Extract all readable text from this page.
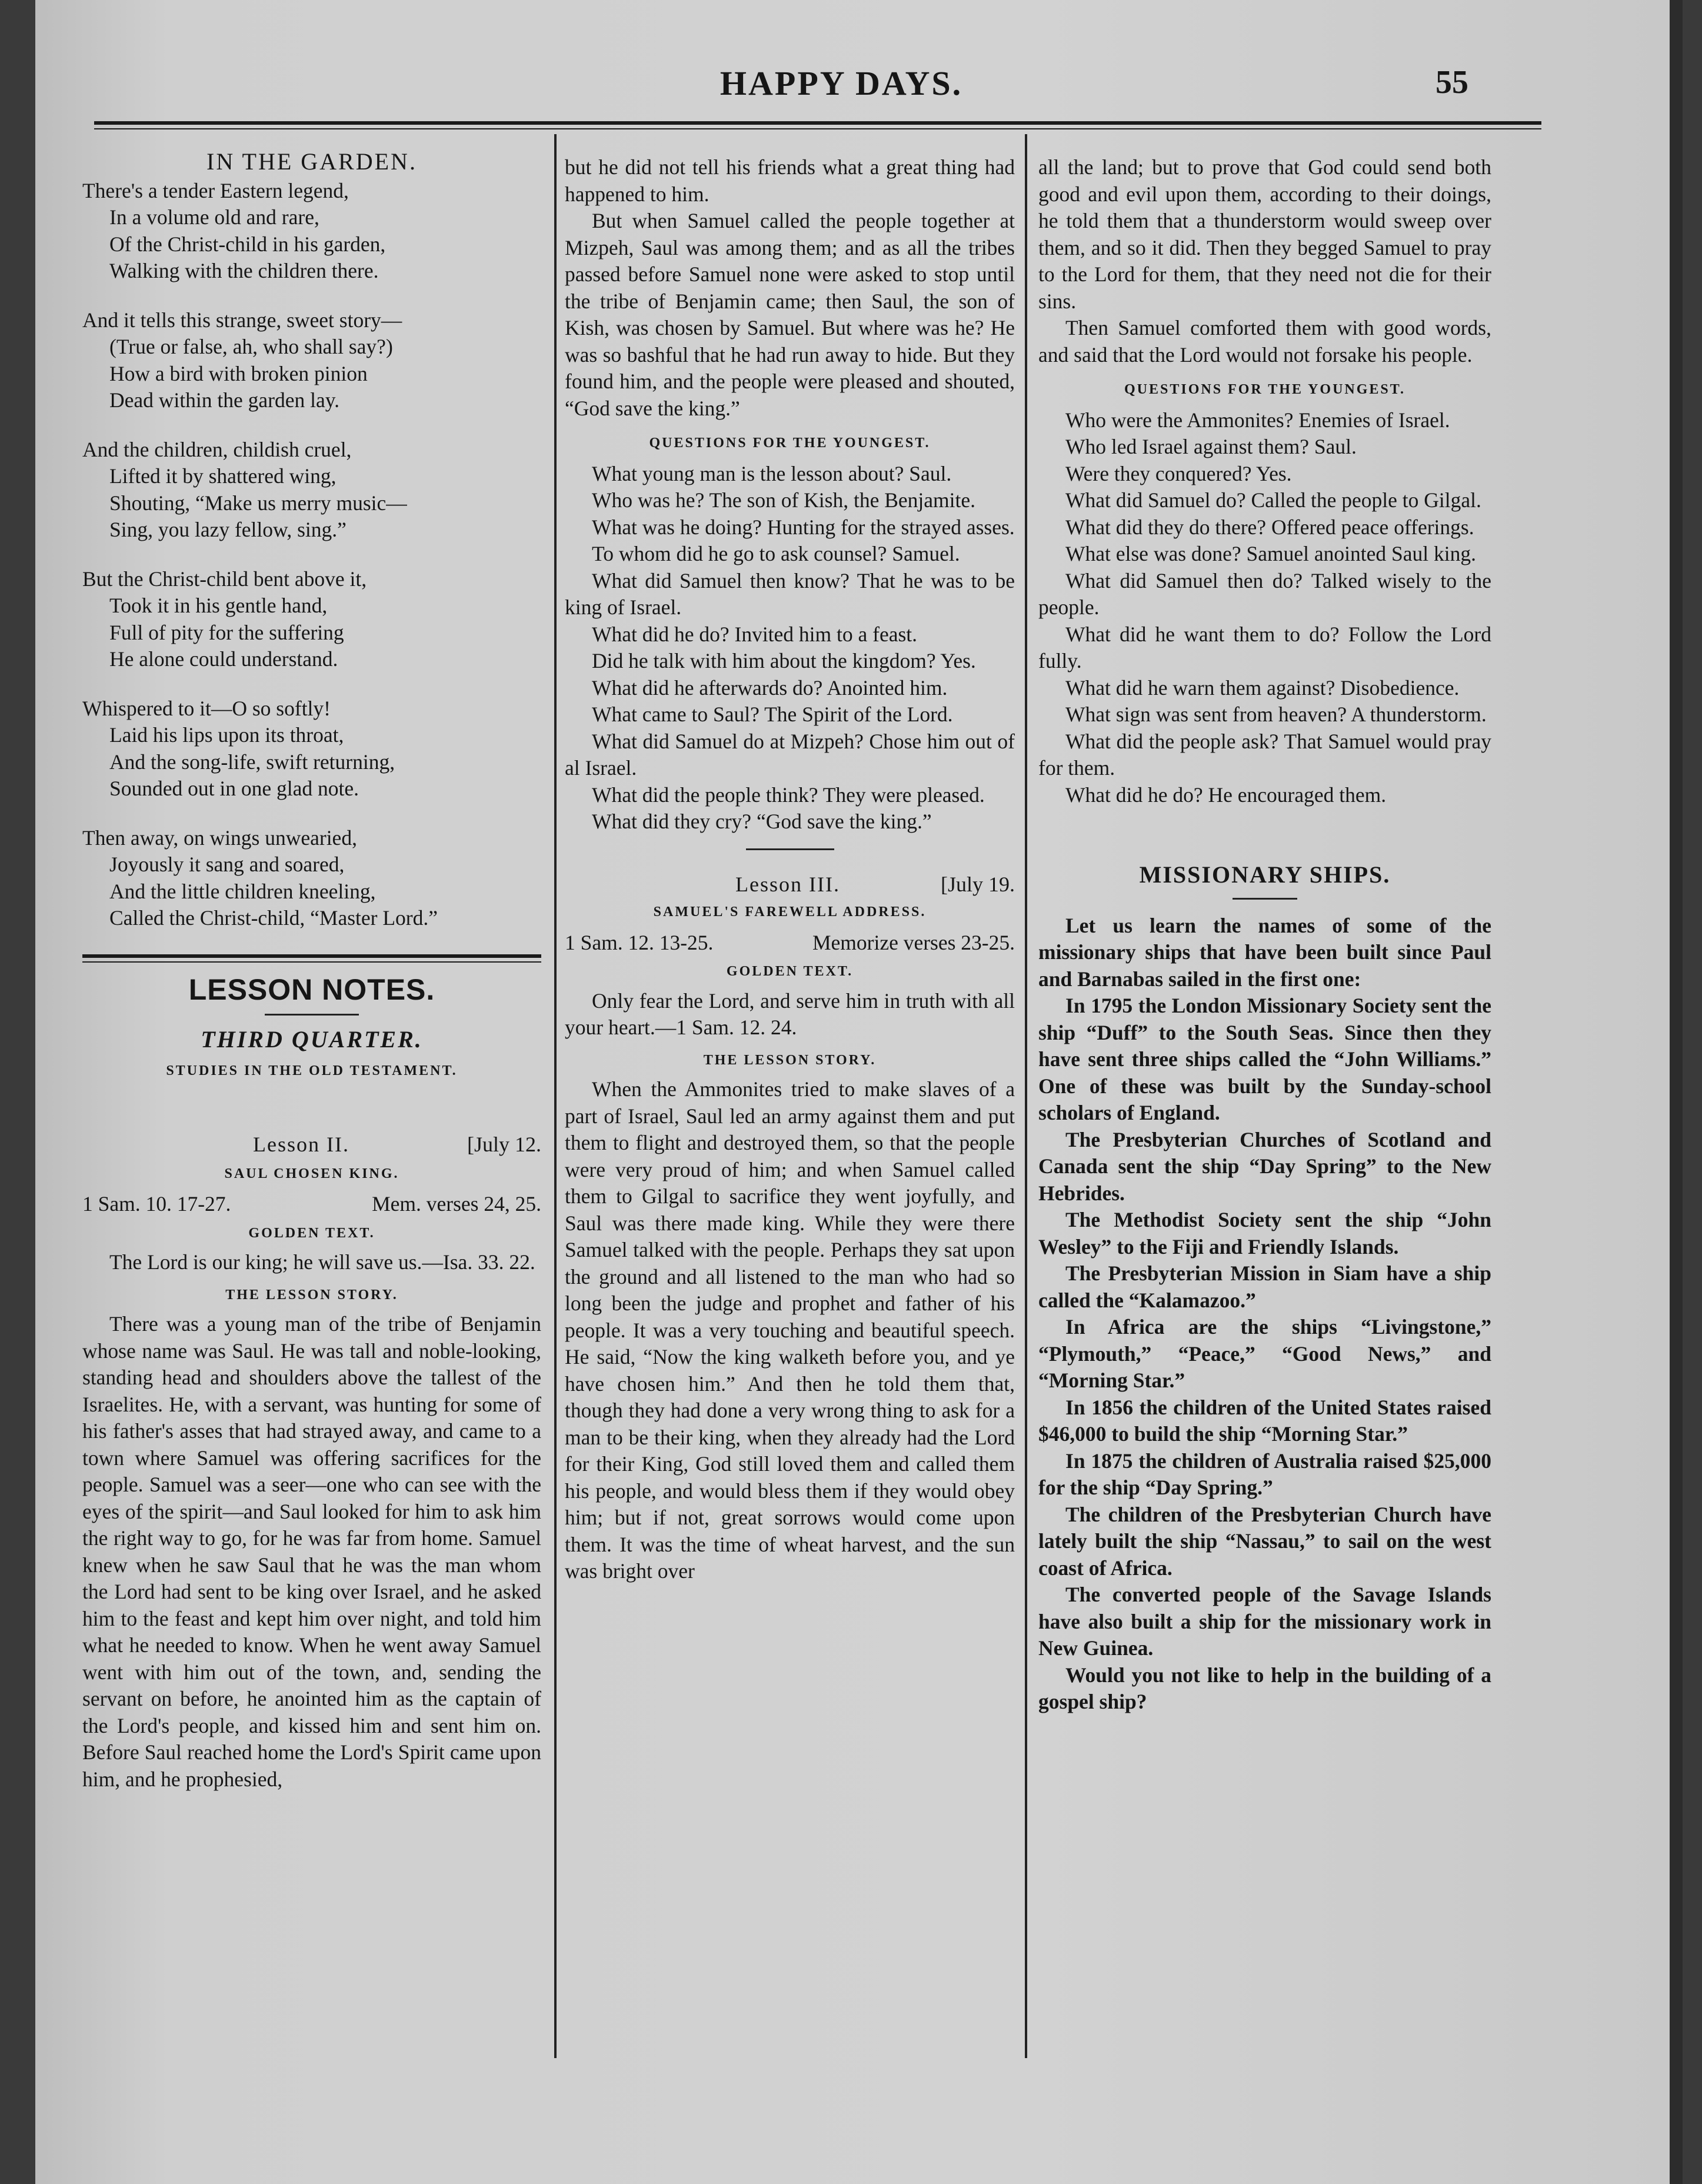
HAPPY DAYS.	55
IN THE GARDEN.
There's a tender Eastern legend,
In a volume old and rare,
Of the Christ-child in his garden,
Walking with the children there.
And it tells this strange, sweet story—
(True or false, ah, who shall say?)
How a bird with broken pinion
Dead within the garden lay.
And the children, childish cruel,
Lifted it by shattered wing,
Shouting, “Make us merry music—
Sing, you lazy fellow, sing.”
But the Christ-child bent above it,
Took it in his gentle hand,
Full of pity for the suffering
He alone could understand.
Whispered to it—O so softly!
Laid his lips upon its throat,
And the song-life, swift returning,
Sounded out in one glad note.
Then away, on wings unwearied,
Joyously it sang and soared,
And the little children kneeling,
Called the Christ-child, “Master Lord.”
LESSON NOTES.
THIRD QUARTER.
STUDIES IN THE OLD TESTAMENT.
Lesson II.	[July 12.
SAUL CHOSEN KING.
1 Sam. 10. 17-27.	Mem. verses 24, 25.
GOLDEN TEXT.

The Lord is our king; he will save us.—Isa. 33. 22.

THE LESSON STORY.

There was a young man of the tribe of Benjamin whose name was Saul. He was tall and noble-looking, standing head and shoulders above the tallest of the Israelites. He, with a servant, was hunting for some of his father's asses that had strayed away, and came to a town where Samuel was offering sacrifices for the people. Samuel was a seer—one who can see with the eyes of the spirit—and Saul looked for him to ask him the right way to go, for he was far from home. Samuel knew when he saw Saul that he was the man whom the Lord had sent to be king over Israel, and he asked him to the feast and kept him over night, and told him what he needed to know. When he went away Samuel went with him out of the town, and, sending the servant on before, he anointed him as the captain of the Lord's people, and kissed him and sent him on. Before Saul reached home the Lord's Spirit came upon him, and he prophesied,

but he did not tell his friends what a great thing had happened to him.

But when Samuel called the people together at Mizpeh, Saul was among them; and as all the tribes passed before Samuel none were asked to stop until the tribe of Benjamin came; then Saul, the son of Kish, was chosen by Samuel. But where was he? He was so bashful that he had run away to hide. But they found him, and the people were pleased and shouted, “God save the king.”

QUESTIONS FOR THE YOUNGEST.

What young man is the lesson about? Saul.

Who was he? The son of Kish, the Benjamite.

What was he doing? Hunting for the strayed asses.

To whom did he go to ask counsel? Samuel.

What did Samuel then know? That he was to be king of Israel.

What did he do? Invited him to a feast.

Did he talk with him about the kingdom? Yes.

What did he afterwards do? Anointed him.

What came to Saul? The Spirit of the Lord.

What did Samuel do at Mizpeh? Chose him out of al Israel.

What did the people think? They were pleased.

What did they cry? “God save the king.”

Lesson III.	[July 19.
SAMUEL'S FAREWELL ADDRESS.
1 Sam. 12. 13-25.	Memorize verses 23-25.
GOLDEN TEXT.

Only fear the Lord, and serve him in truth with all your heart.—1 Sam. 12. 24.

THE LESSON STORY.

When the Ammonites tried to make slaves of a part of Israel, Saul led an army against them and put them to flight and destroyed them, so that the people were very proud of him; and when Samuel called them to Gilgal to sacrifice they went joyfully, and Saul was there made king. While they were there Samuel talked with the people. Perhaps they sat upon the ground and all listened to the man who had so long been the judge and prophet and father of his people. It was a very touching and beautiful speech. He said, “Now the king walketh before you, and ye have chosen him.” And then he told them that, though they had done a very wrong thing to ask for a man to be their king, when they already had the Lord for their King, God still loved them and called them his people, and would bless them if they would obey him; but if not, great sorrows would come upon them. It was the time of wheat harvest, and the sun was bright over

all the land; but to prove that God could send both good and evil upon them, according to their doings, he told them that a thunderstorm would sweep over them, and so it did. Then they begged Samuel to pray to the Lord for them, that they need not die for their sins.

Then Samuel comforted them with good words, and said that the Lord would not forsake his people.

QUESTIONS FOR THE YOUNGEST.

Who were the Ammonites? Enemies of Israel.

Who led Israel against them? Saul.

Were they conquered? Yes.

What did Samuel do? Called the people to Gilgal.

What did they do there? Offered peace offerings.

What else was done? Samuel anointed Saul king.

What did Samuel then do? Talked wisely to the people.

What did he want them to do? Follow the Lord fully.

What did he warn them against? Disobedience.

What sign was sent from heaven? A thunderstorm.

What did the people ask? That Samuel would pray for them.

What did he do? He encouraged them.

MISSIONARY SHIPS.

Let us learn the names of some of the missionary ships that have been built since Paul and Barnabas sailed in the first one:

In 1795 the London Missionary Society sent the ship “Duff” to the South Seas. Since then they have sent three ships called the “John Williams.” One of these was built by the Sunday-school scholars of England.

The Presbyterian Churches of Scotland and Canada sent the ship “Day Spring” to the New Hebrides.

The Methodist Society sent the ship “John Wesley” to the Fiji and Friendly Islands.

The Presbyterian Mission in Siam have a ship called the “Kalamazoo.”

In Africa are the ships “Livingstone,” “Plymouth,” “Peace,” “Good News,” and “Morning Star.”

In 1856 the children of the United States raised $46,000 to build the ship “Morning Star.”

In 1875 the children of Australia raised $25,000 for the ship “Day Spring.”

The children of the Presbyterian Church have lately built the ship “Nassau,” to sail on the west coast of Africa.

The converted people of the Savage Islands have also built a ship for the missionary work in New Guinea.

Would you not like to help in the building of a gospel ship?
